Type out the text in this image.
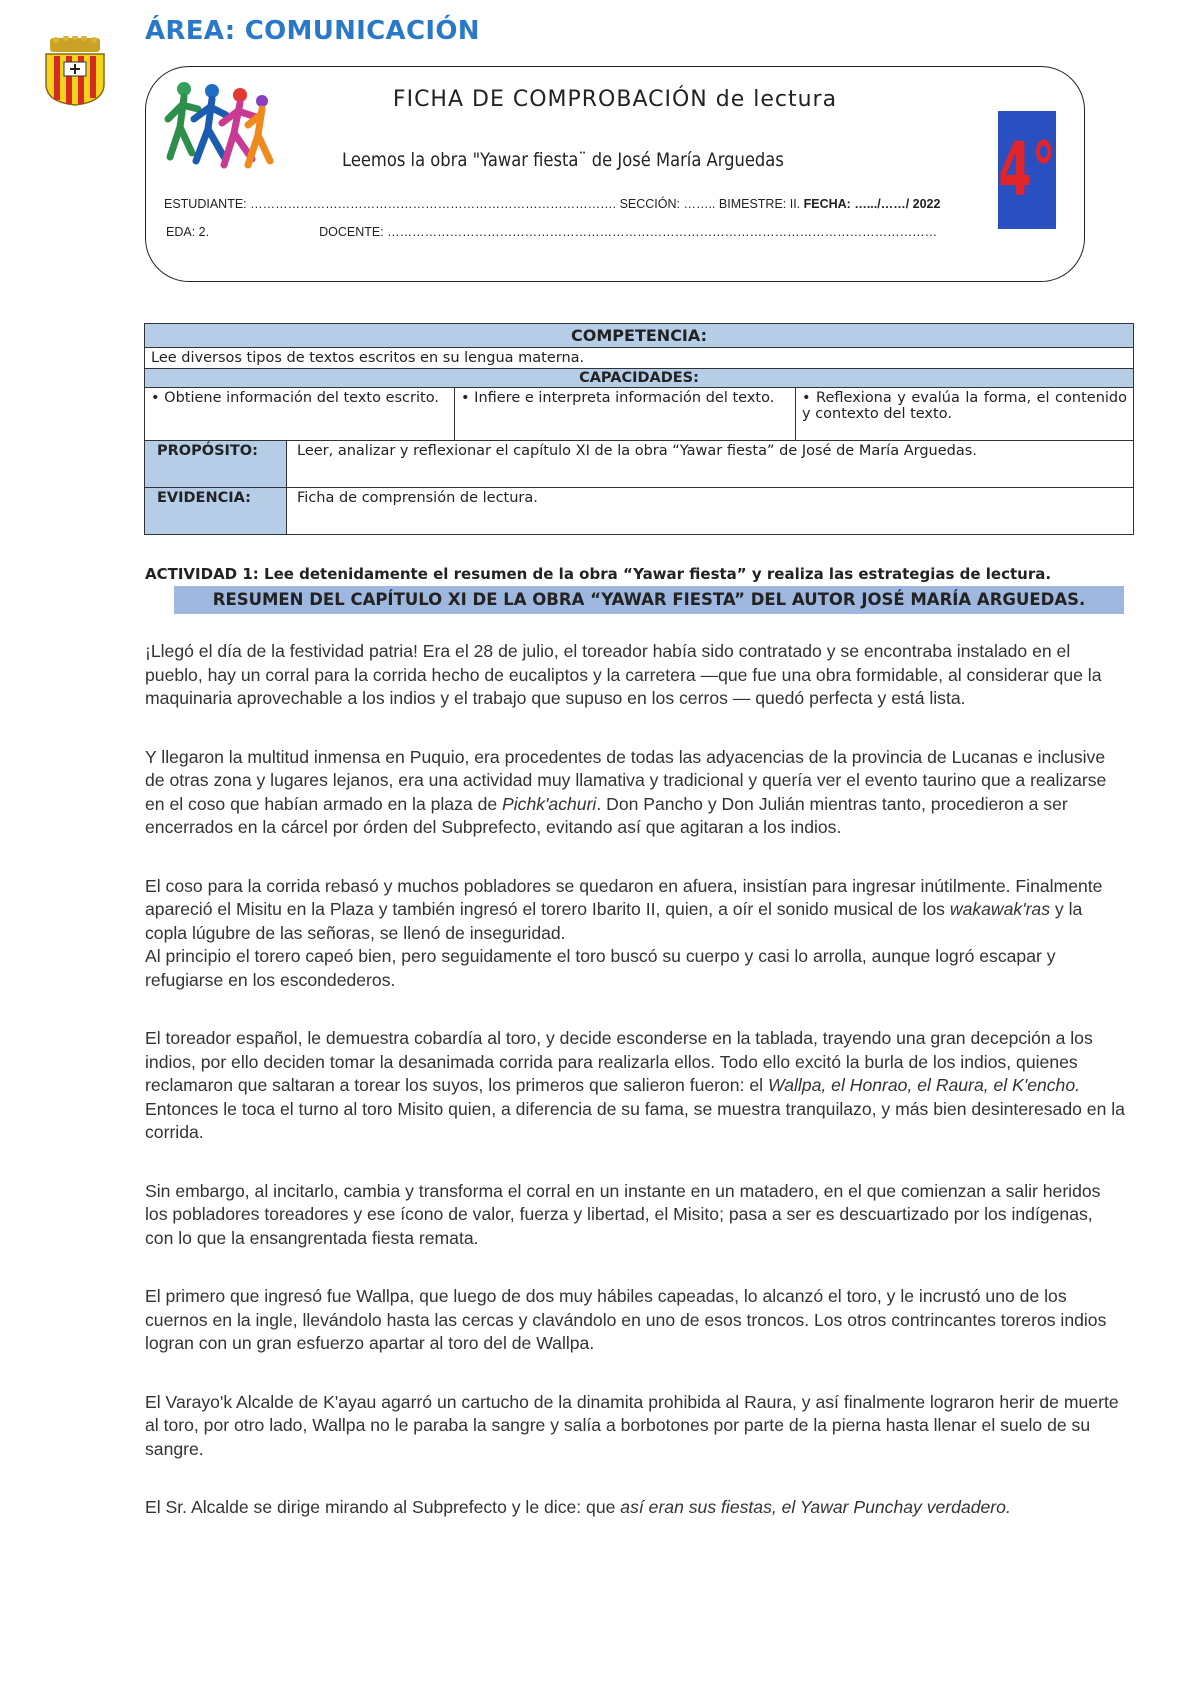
ÁREA: COMUNICACIÓN
FICHA DE COMPROBACIÓN de lectura
Leemos la obra "Yawar fiesta¨ de José María Arguedas
ESTUDIANTE: ……………………………………………………………………………. SECCIÓN: …….. BIMESTRE: II. FECHA: ….../……/ 2022
EDA: 2.	DOCENTE: ……………………………………………………………………………………………………………………
4°
COMPETENCIA:			
Lee diversos tipos de textos escritos en su lengua materna.			
CAPACIDADES:			
• Obtiene información del texto escrito.		• Infiere e interpreta información del texto.	• Reflexiona y evalúa la forma, el contenido y contexto del texto.
PROPÓSITO:	Leer, analizar y reflexionar el capítulo XI de la obra “Yawar fiesta” de José de María Arguedas.		
EVIDENCIA:	Ficha de comprensión de lectura.		
ACTIVIDAD 1: Lee detenidamente el resumen de la obra “Yawar fiesta” y realiza las estrategias de lectura.
RESUMEN DEL CAPÍTULO XI DE LA OBRA “YAWAR FIESTA” DEL AUTOR JOSÉ MARÍA ARGUEDAS.

¡Llegó el día de la festividad patria! Era el 28 de julio, el toreador había sido contratado y se encontraba instalado en el pueblo, hay un corral para la corrida hecho de eucaliptos y la carretera —que fue una obra formidable, al considerar que la maquinaria aprovechable a los indios y el trabajo que supuso en los cerros — quedó perfecta y está lista.

Y llegaron la multitud inmensa en Puquio, era procedentes de todas las adyacencias de la provincia de Lucanas e inclusive de otras zona y lugares lejanos, era una actividad muy llamativa y tradicional y quería ver el evento taurino que a realizarse en el coso que habían armado en la plaza de Pichk'achuri. Don Pancho y Don Julián mientras tanto, procedieron a ser encerrados en la cárcel por órden del Subprefecto, evitando así que agitaran a los indios.

El coso para la corrida rebasó y muchos pobladores se quedaron en afuera, insistían para ingresar inútilmente. Finalmente apareció el Misitu en la Plaza y también ingresó el torero Ibarito II, quien, a oír el sonido musical de los wakawak'ras y la copla lúgubre de las señoras, se llenó de inseguridad.
Al principio el torero capeó bien, pero seguidamente el toro buscó su cuerpo y casi lo arrolla, aunque logró escapar y refugiarse en los escondederos.

El toreador español, le demuestra cobardía al toro, y decide esconderse en la tablada, trayendo una gran decepción a los indios, por ello deciden tomar la desanimada corrida para realizarla ellos. Todo ello excitó la burla de los indios, quienes reclamaron que saltaran a torear los suyos, los primeros que salieron fueron: el Wallpa, el Honrao, el Raura, el K'encho.
Entonces le toca el turno al toro Misito quien, a diferencia de su fama, se muestra tranquilazo, y más bien desinteresado en la corrida.

Sin embargo, al incitarlo, cambia y transforma el corral en un instante en un matadero, en el que comienzan a salir heridos los pobladores toreadores y ese ícono de valor, fuerza y libertad, el Misito; pasa a ser es descuartizado por los indígenas, con lo que la ensangrentada fiesta remata.

El primero que ingresó fue Wallpa, que luego de dos muy hábiles capeadas, lo alcanzó el toro, y le incrustó uno de los cuernos en la ingle, llevándolo hasta las cercas y clavándolo en uno de esos troncos. Los otros contrincantes toreros indios logran con un gran esfuerzo apartar al toro del de Wallpa.

El Varayo'k Alcalde de K'ayau agarró un cartucho de la dinamita prohibida al Raura, y así finalmente lograron herir de muerte al toro, por otro lado, Wallpa no le paraba la sangre y salía a borbotones por parte de la pierna hasta llenar el suelo de su sangre.

El Sr. Alcalde se dirige mirando al Subprefecto y le dice: que así eran sus fiestas, el Yawar Punchay verdadero.
